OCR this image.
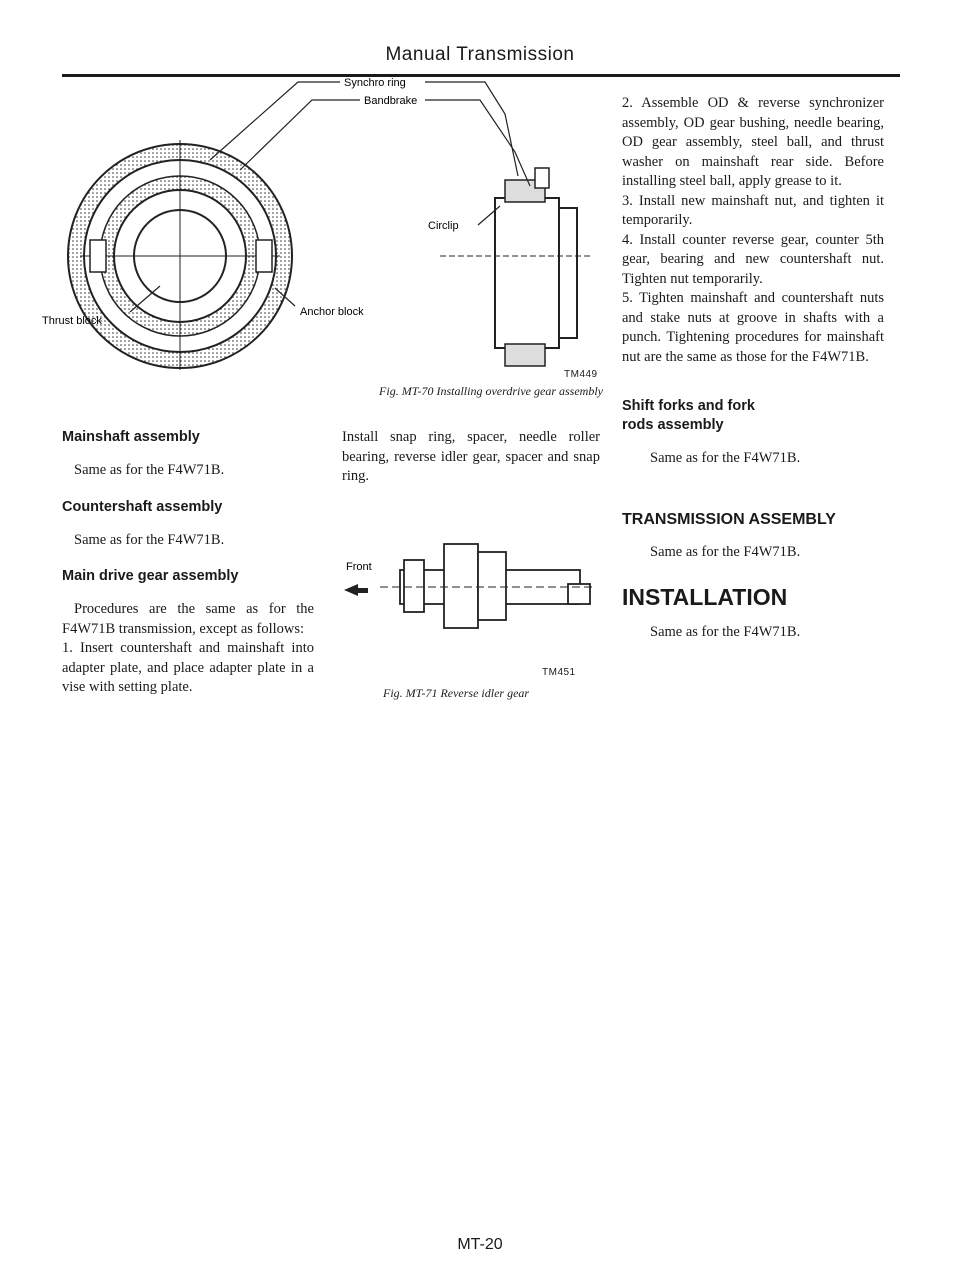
Manual Transmission
Synchro ring
Bandbrake
Circlip
Anchor block
Thrust block
TM449
Fig. MT-70 Installing overdrive gear assembly
Mainshaft assembly
Same as for the F4W71B.
Countershaft assembly
Same as for the F4W71B.
Main drive gear assembly
Procedures are the same as for the F4W71B transmission, except as follows:
1. Insert countershaft and mainshaft into adapter plate, and place adapter plate in a vise with setting plate.
Install snap ring, spacer, needle roller bearing, reverse idler gear, spacer and snap ring.
Front
TM451
Fig. MT-71 Reverse idler gear
2. Assemble OD & reverse synchronizer assembly, OD gear bushing, needle bearing, OD gear assembly, steel ball, and thrust washer on mainshaft rear side. Before installing steel ball, apply grease to it.
3. Install new mainshaft nut, and tighten it temporarily.
4. Install counter reverse gear, counter 5th gear, bearing and new countershaft nut. Tighten nut temporarily.
5. Tighten mainshaft and countershaft nuts and stake nuts at groove in shafts with a punch. Tightening procedures for mainshaft nut are the same as those for the F4W71B.
Shift forks and fork
rods assembly
Same as for the F4W71B.
TRANSMISSION ASSEMBLY
Same as for the F4W71B.
INSTALLATION
Same as for the F4W71B.
MT-20
